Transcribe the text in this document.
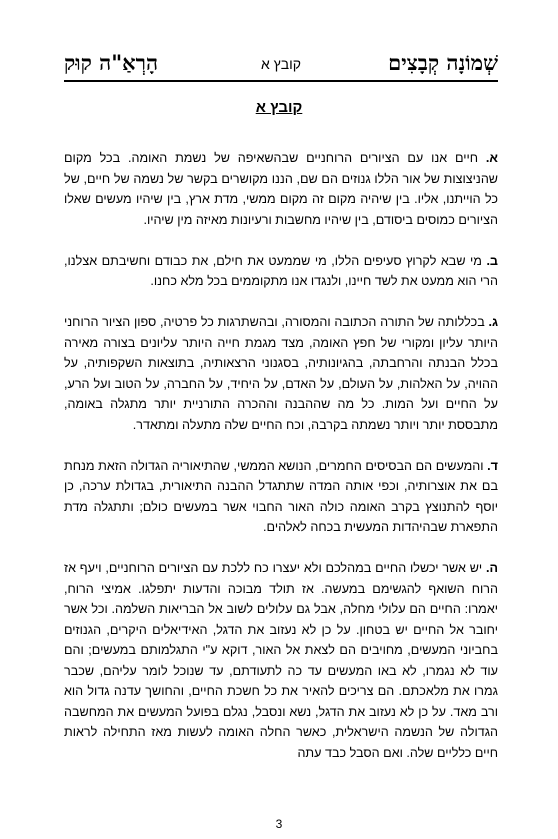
שְׁמוֹנָה קְבָצִים
קובץ א
הָרְאַ"ה קוּק
קובץ א

א. חיים אנו עם הציורים הרוחניים שבהשאיפה של נשמת האומה. בכל מקום שהניצוצות של אור הללו גנוזים הם שם, הננו מקושרים בקשר של נשמה של חיים, של כל הוייתנו, אליו. בין שיהיה מקום זה מקום ממשי, מדת ארץ, בין שיהיו מעשים שאלו הציורים כמוסים ביסודם, בין שיהיו מחשבות ורעיונות מאיזה מין שיהיו.

ב. מי שבא לקרוץ סעיפים הללו, מי שממעט את חילם, את כבודם וחשיבתם אצלנו, הרי הוא ממעט את לשד חיינו, ולנגדו אנו מתקוממים בכל מלא כחנו.

ג. בכללותה של התורה הכתובה והמסורה, ובהשתרגות כל פרטיה, ספון הציור הרוחני היותר עליון ומקורי של חפץ האומה, מצד מגמת חייה היותר עליונים בצורה מאירה בכלל הבנתה והרחבתה, בהגיונותיה, בסגנוני הרצאותיה, בתוצאות השקפותיה, על ההויה, על האלהות, על העולם, על האדם, על היחיד, על החברה, על הטוב ועל הרע, על החיים ועל המות. כל מה שההבנה וההכרה התורניית יותר מתגלה באומה, מתבססת יותר ויותר נשמתה בקרבה, וכח החיים שלה מתעלה ומתאדר.

ד. והמעשים הם הבסיסים החמרים, הנושא הממשי, שהתיאוריה הגדולה הזאת מנחת בם את אוצרותיה, וכפי אותה המדה שתתגדל ההבנה התיאורית, בגדולת ערכה, כן יוסף להתנוצץ בקרב האומה כולה האור החבוי אשר במעשים כולם; ותתגלה מדת התפארת שבהיהדות המעשית בכחה לאלהים.

ה. יש אשר יכשלו החיים במהלכם ולא יעצרו כח ללכת עם הציורים הרוחניים, ויעף אז הרוח השואף להגשימם במעשה. אז תולד מבוכה והדעות יתפלגו. אמיצי הרוח, יאמרו: החיים הם עלולי מחלה, אבל גם עלולים לשוב אל הבריאות השלמה. וכל אשר יחובר אל החיים יש בטחון. על כן לא נעזוב את הדגל, האידיאלים היקרים, הגנוזים בחביוני המעשים, מחויבים הם לצאת אל האור, דוקא ע"י התגלמותם במעשים; והם עוד לא נגמרו, לא באו המעשים עד כה לתעודתם, עד שנוכל לומר עליהם, שכבר גמרו את מלאכתם. הם צריכים להאיר את כל חשכת החיים, והחושך עדנה גדול הוא ורב מאד. על כן לא נעזוב את הדגל, נשא ונסבל, נגלם בפועל המעשים את המחשבה הגדולה של הנשמה הישראלית, כאשר החלה האומה לעשות מאז התחילה לראות חיים כלליים שלה. ואם הסבל כבד עתה

3
